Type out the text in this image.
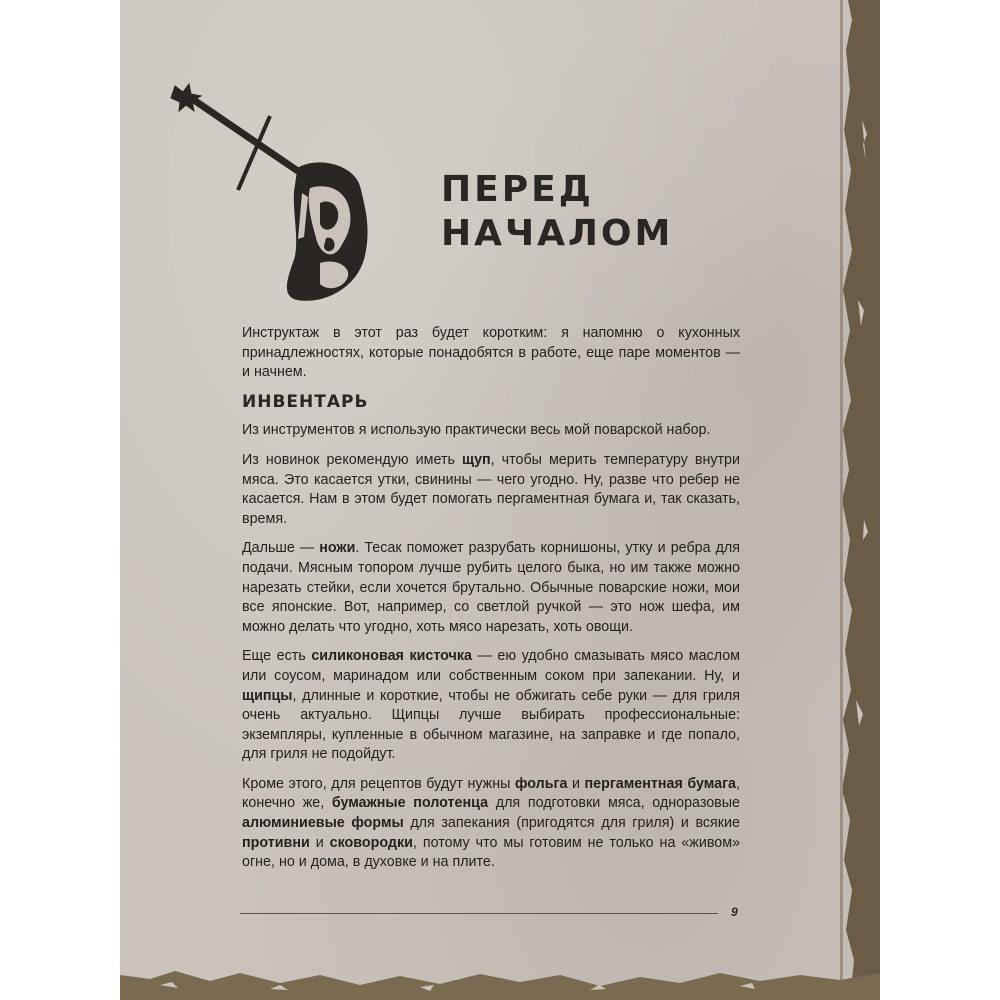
ПЕРЕД
НАЧАЛОМ

Инструктаж в этот раз будет коротким: я напомню о кухонных принадлежностях, которые понадобятся в работе, еще паре моментов — и начнем.

ИНВЕНТАРЬ

Из инструментов я использую практически весь мой поварской набор.

Из новинок рекомендую иметь щуп, чтобы мерить температуру внутри мяса. Это касается утки, свинины — чего угодно. Ну, разве что ребер не касается. Нам в этом будет помогать пергаментная бумага и, так сказать, время.

Дальше — ножи. Тесак поможет разрубать корнишоны, утку и ребра для подачи. Мясным топором лучше рубить целого быка, но им также можно нарезать стейки, если хочется брутально. Обычные поварские ножи, мои все японские. Вот, например, со светлой ручкой — это нож шефа, им можно делать что угодно, хоть мясо нарезать, хоть овощи.

Еще есть силиконовая кисточка — ею удобно смазывать мясо маслом или соусом, маринадом или собственным соком при запекании. Ну, и щипцы, длинные и короткие, чтобы не обжигать себе руки — для гриля очень актуально. Щипцы лучше выбирать профессиональные: экземпляры, купленные в обычном магазине, на заправке и где попало, для гриля не подойдут.

Кроме этого, для рецептов будут нужны фольга и пергаментная бумага, конечно же, бумажные полотенца для подготовки мяса, одноразовые алюминиевые формы для запекания (пригодятся для гриля) и всякие противни и сковородки, потому что мы готовим не только на «живом» огне, но и дома, в духовке и на плите.

9
